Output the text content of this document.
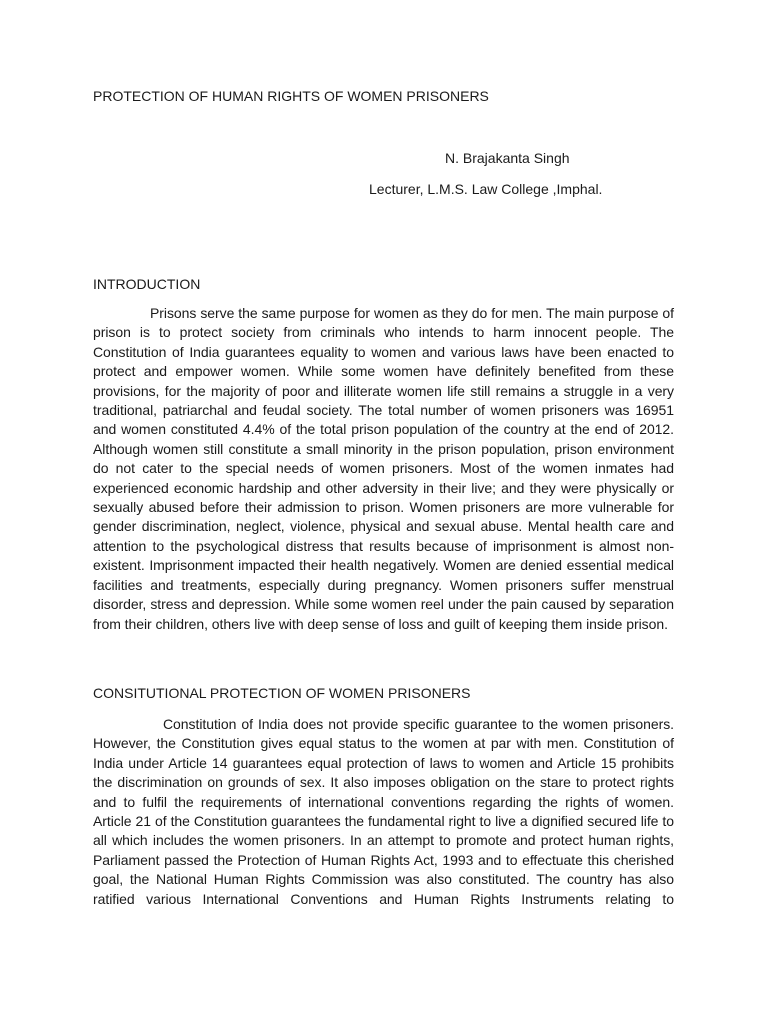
PROTECTION OF HUMAN RIGHTS OF WOMEN PRISONERS
N. Brajakanta Singh
Lecturer, L.M.S. Law College ,Imphal.
INTRODUCTION

Prisons serve the same purpose for women as they do for men. The main purpose of prison is to protect society from criminals who intends to harm innocent people. The Constitution of India guarantees equality to women and various laws have been enacted to protect and empower women. While some women have definitely benefited from these provisions, for the majority of poor and illiterate women life still remains a struggle in a very traditional, patriarchal and feudal society. The total number of women prisoners was 16951 and women constituted 4.4% of the total prison population of the country at the end of 2012. Although women still constitute a small minority in the prison population, prison environment do not cater to the special needs of women prisoners. Most of the women inmates had experienced economic hardship and other adversity in their live; and they were physically or sexually abused before their admission to prison. Women prisoners are more vulnerable for gender discrimination, neglect, violence, physical and sexual abuse. Mental health care and attention to the psychological distress that results because of imprisonment is almost non-existent. Imprisonment impacted their health negatively. Women are denied essential medical facilities and treatments, especially during pregnancy. Women prisoners suffer menstrual disorder, stress and depression. While some women reel under the pain caused by separation from their children, others live with deep sense of loss and guilt of keeping them inside prison.

CONSITUTIONAL PROTECTION OF WOMEN PRISONERS

Constitution of India does not provide specific guarantee to the women prisoners. However, the Constitution gives equal status to the women at par with men. Constitution of India under Article 14 guarantees equal protection of laws to women and Article 15 prohibits the discrimination on grounds of sex. It also imposes obligation on the stare to protect rights and to fulfil the requirements of international conventions regarding the rights of women. Article 21 of the Constitution guarantees the fundamental right to live a dignified secured life to all which includes the women prisoners. In an attempt to promote and protect human rights, Parliament passed the Protection of Human Rights Act, 1993 and to effectuate this cherished goal, the National Human Rights Commission was also constituted. The country has also ratified various International Conventions and Human Rights Instruments relating to
